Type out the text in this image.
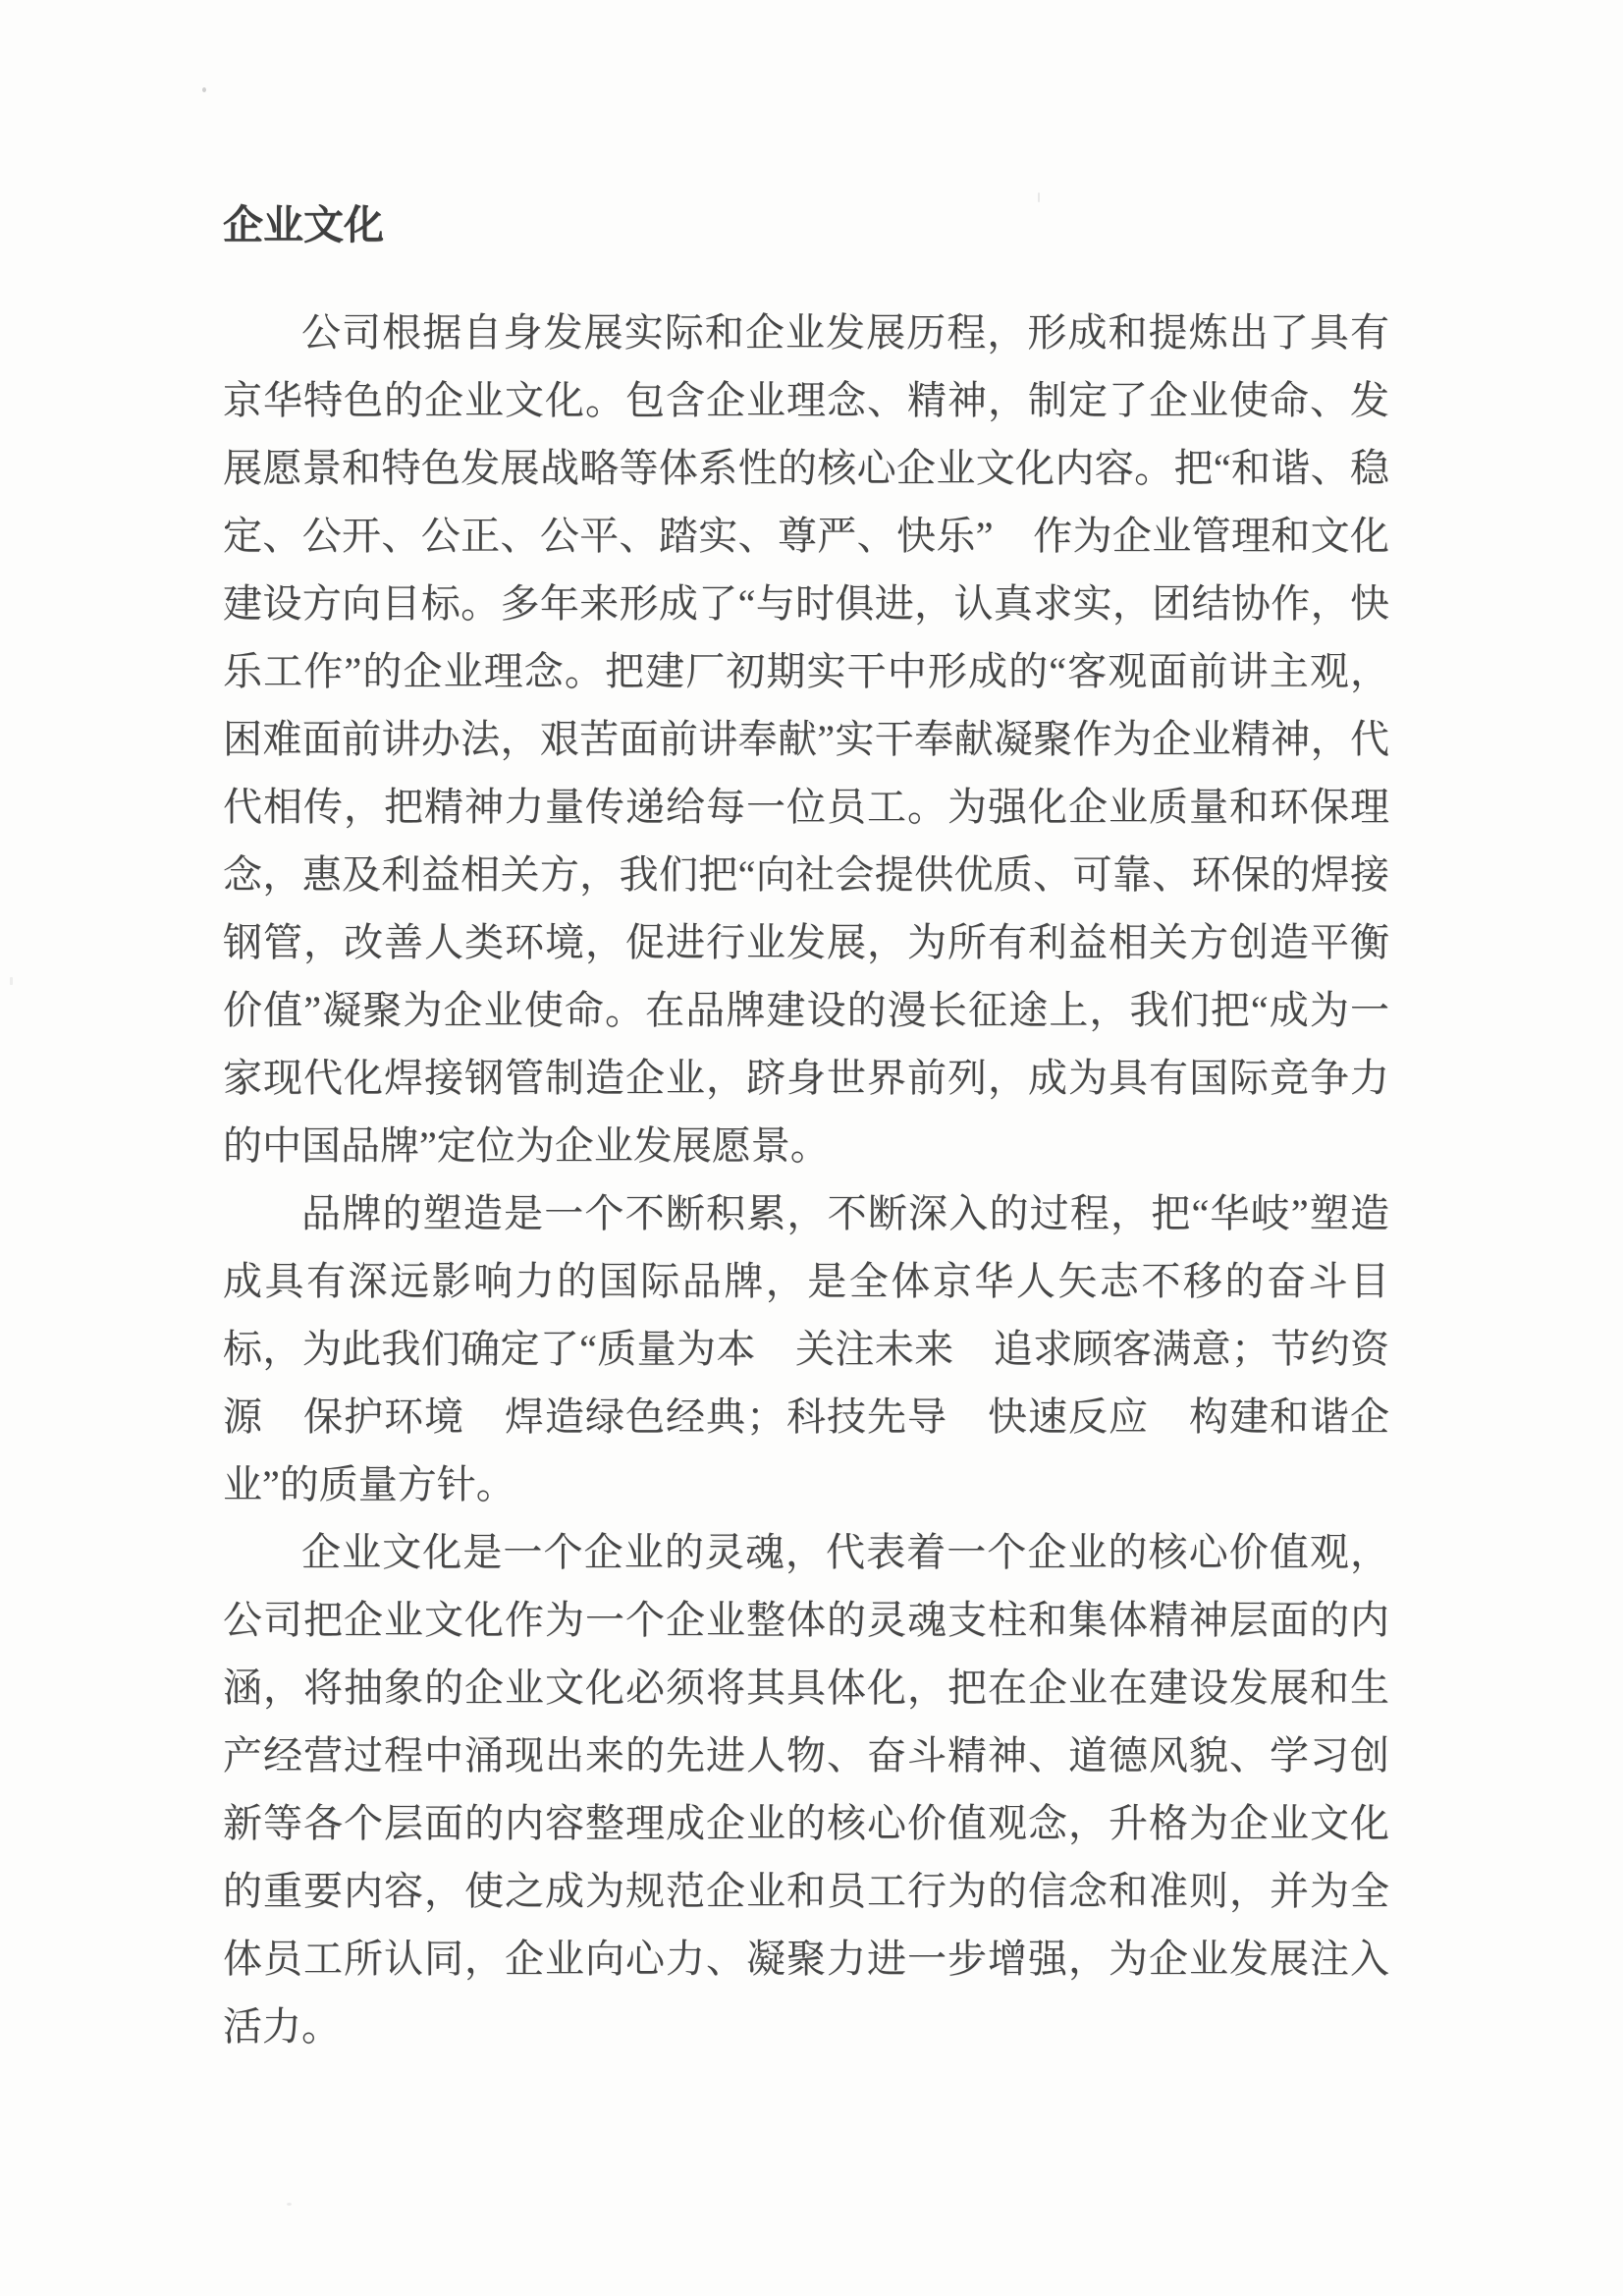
企业文化

公司根据自身发展实际和企业发展历程，形成和提炼出了具有京华特色的企业文化。包含企业理念、精神，制定了企业使命、发展愿景和特色发展战略等体系性的核心企业文化内容。把“和谐、稳定、公开、公正、公平、踏实、尊严、快乐”　作为企业管理和文化建设方向目标。多年来形成了“与时俱进，认真求实，团结协作，快乐工作”的企业理念。把建厂初期实干中形成的“客观面前讲主观，困难面前讲办法，艰苦面前讲奉献”实干奉献凝聚作为企业精神，代代相传，把精神力量传递给每一位员工。为强化企业质量和环保理念，惠及利益相关方，我们把“向社会提供优质、可靠、环保的焊接钢管，改善人类环境，促进行业发展，为所有利益相关方创造平衡价值”凝聚为企业使命。在品牌建设的漫长征途上，我们把“成为一家现代化焊接钢管制造企业，跻身世界前列，成为具有国际竞争力的中国品牌”定位为企业发展愿景。

品牌的塑造是一个不断积累，不断深入的过程，把“华岐”塑造成具有深远影响力的国际品牌，是全体京华人矢志不移的奋斗目标，为此我们确定了“质量为本　关注未来　追求顾客满意；节约资源　保护环境　焊造绿色经典；科技先导　快速反应　构建和谐企业”的质量方针。

企业文化是一个企业的灵魂，代表着一个企业的核心价值观，公司把企业文化作为一个企业整体的灵魂支柱和集体精神层面的内涵，将抽象的企业文化必须将其具体化，把在企业在建设发展和生产经营过程中涌现出来的先进人物、奋斗精神、道德风貌、学习创新等各个层面的内容整理成企业的核心价值观念，升格为企业文化的重要内容，使之成为规范企业和员工行为的信念和准则，并为全体员工所认同，企业向心力、凝聚力进一步增强，为企业发展注入活力。
